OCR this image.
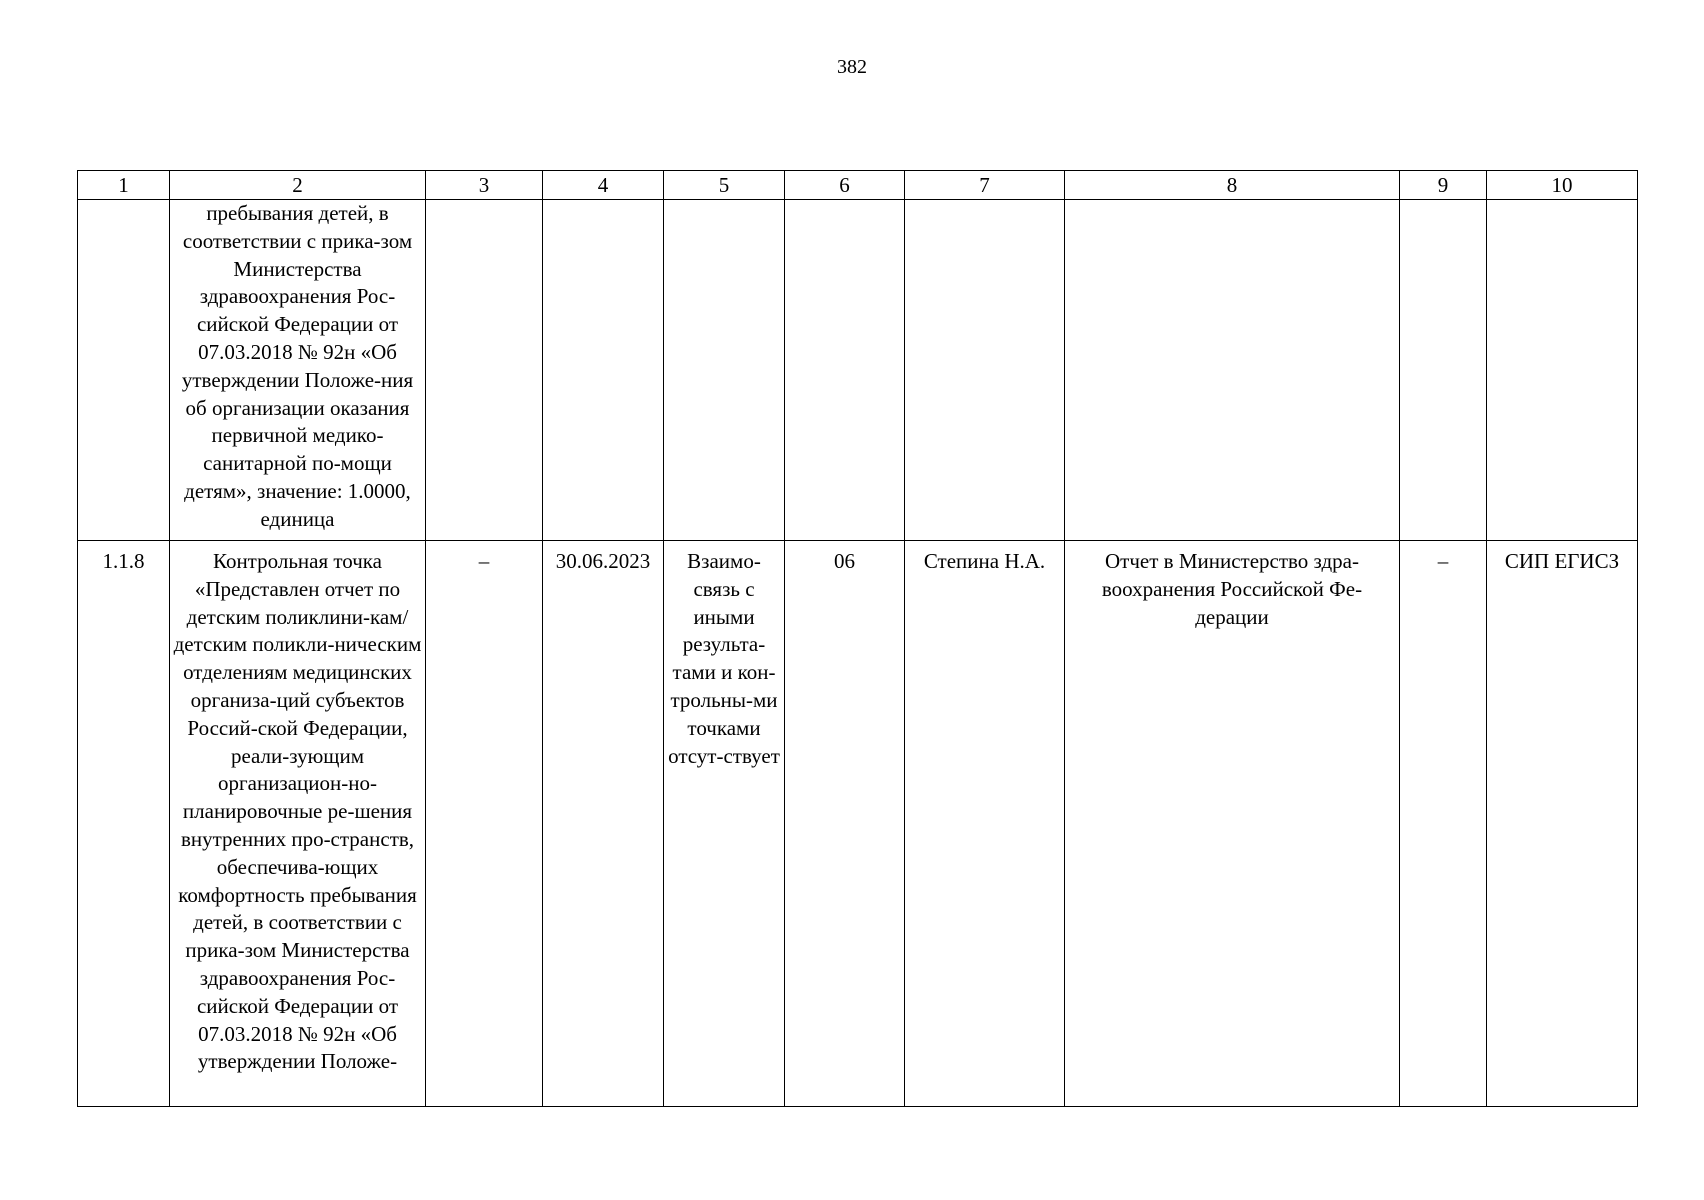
382
1	2	3	4	5	6	7	8	9	10
	пребывания детей, в соответствии с прика-зом Министерства здравоохранения Рос-сийской Федерации от 07.03.2018 № 92н «Об утверждении Положе-ния об организации оказания первичной медико-санитарной по-мощи детям», значение: 1.0000, единица								
1.1.8	Контрольная точка «Представлен отчет по детским поликлини-кам/детским поликли-ническим отделениям медицинских организа-ций субъектов Россий-ской Федерации, реали-зующим организацион-но-планировочные ре-шения внутренних про-странств, обеспечива-ющих комфортность пребывания детей, в соответствии с прика-зом Министерства здравоохранения Рос-сийской Федерации от 07.03.2018 № 92н «Об утверждении Положе-	–	30.06.2023	Взаимо-связь с иными результа-тами и кон-трольны-ми точками отсут-ствует	06	Степина Н.А.	Отчет в Министерство здра-воохранения Российской Фе-дерации	–	СИП ЕГИСЗ
